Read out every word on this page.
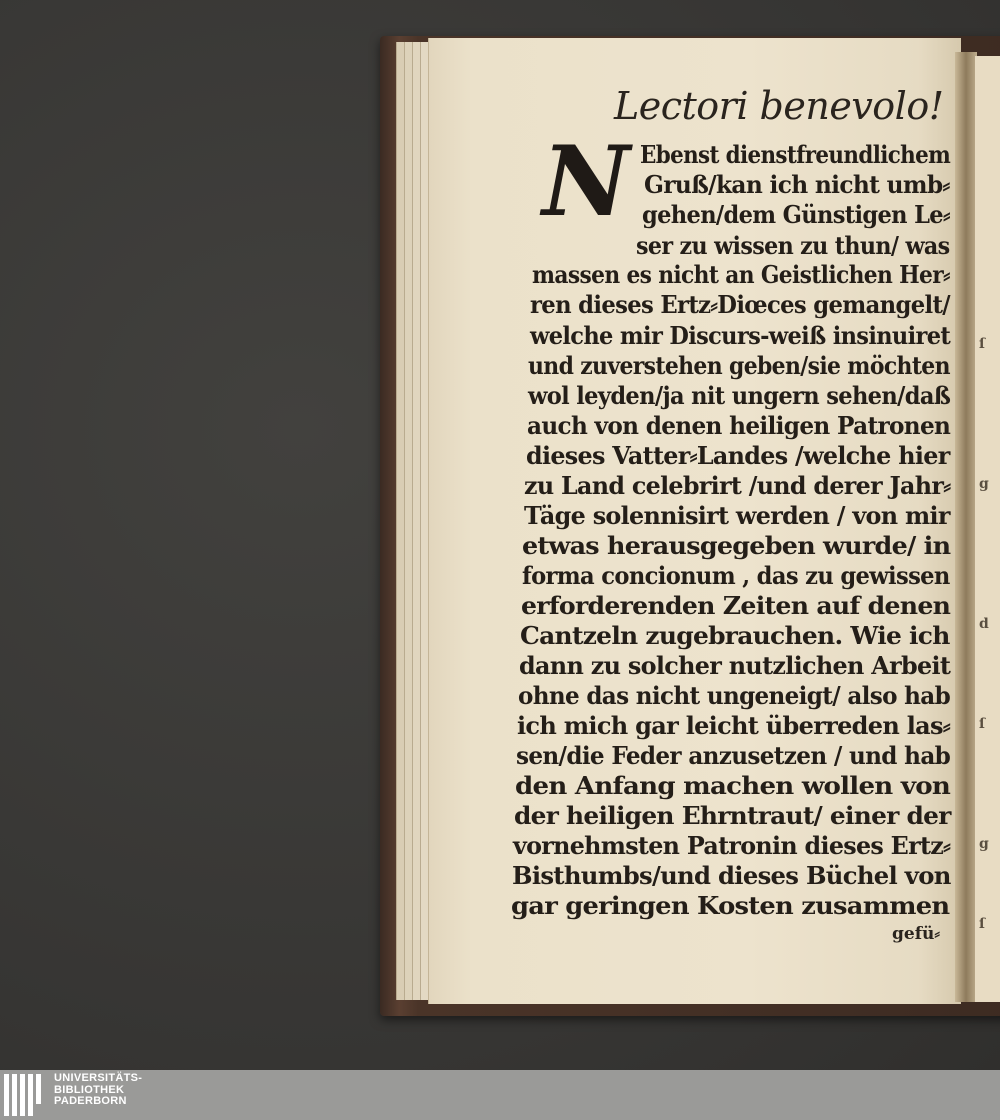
ſ
g
d
ſ
g
ſ
Lectori benevolo!
N Ebenst dienstfreundlichem
Gruß/kan ich nicht umb⸗
gehen/dem Günstigen Le⸗
ser zu wissen zu thun/ was
massen es nicht an Geistlichen Her⸗
ren dieses Ertz⸗Diœces gemangelt/
welche mir Discurs-weiß insinuiret
und zuverstehen geben/sie möchten
wol leyden/ja nit ungern sehen/daß
auch von denen heiligen Patronen
dieses Vatter⸗Landes /welche hier
zu Land celebrirt /und derer Jahr⸗
Täge solennisirt werden / von mir
etwas herausgegeben wurde/ in
forma concionum , das zu gewissen
erforderenden Zeiten auf denen
Cantzeln zugebrauchen. Wie ich
dann zu solcher nutzlichen Arbeit
ohne das nicht ungeneigt/ also hab
ich mich gar leicht überreden las⸗
sen/die Feder anzusetzen / und hab
den Anfang machen wollen von
der heiligen Ehrntraut/ einer der
vornehmsten Patronin dieses Ertz⸗
Bisthumbs/und dieses Büchel von
gar geringen Kosten zusammen
gefü⸗
UNIVERSITÄTS-
BIBLIOTHEK
PADERBORN
